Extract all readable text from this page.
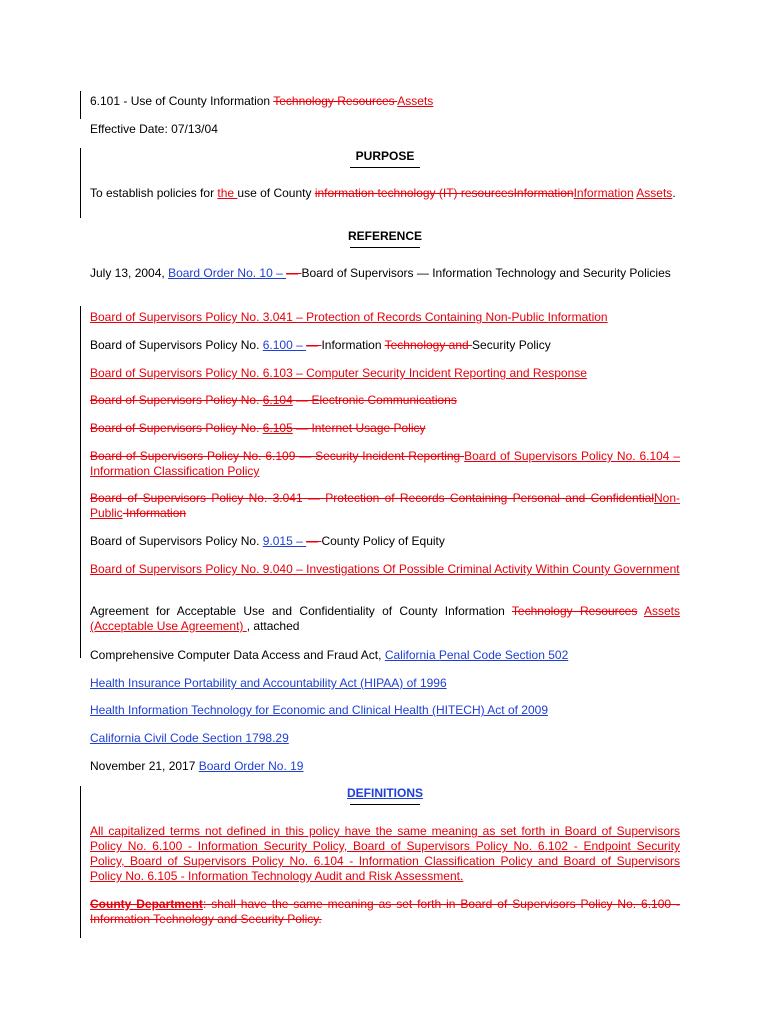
6.101 - Use of County Information Technology Resources Assets

Effective Date: 07/13/04

PURPOSE

To establish policies for the use of County information technology (IT) resourcesInformationInformation Assets.

REFERENCE

July 13, 2004, Board Order No. 10 – — Board of Supervisors — Information Technology and Security Policies

Board of Supervisors Policy No. 3.041 – Protection of Records Containing Non-Public Information

Board of Supervisors Policy No. 6.100 – — Information Technology and Security Policy

Board of Supervisors Policy No. 6.103 – Computer Security Incident Reporting and Response

Board of Supervisors Policy No. 6.104 — Electronic Communications

Board of Supervisors Policy No. 6.105 — Internet Usage Policy

Board of Supervisors Policy No. 6.109 — Security Incident Reporting Board of Supervisors Policy No. 6.104 – Information Classification Policy

Board of Supervisors Policy No. 3.041 — Protection of Records Containing Personal and ConfidentialNon-Public Information

Board of Supervisors Policy No. 9.015 – — County Policy of Equity

Board of Supervisors Policy No. 9.040 – Investigations Of Possible Criminal Activity Within County Government

Agreement for Acceptable Use and Confidentiality of County Information Technology Resources Assets (Acceptable Use Agreement) , attached

Comprehensive Computer Data Access and Fraud Act, California Penal Code Section 502

Health Insurance Portability and Accountability Act (HIPAA) of 1996

Health Information Technology for Economic and Clinical Health (HITECH) Act of 2009

California Civil Code Section 1798.29

November 21, 2017 Board Order No. 19

DEFINITIONS

All capitalized terms not defined in this policy have the same meaning as set forth in Board of Supervisors Policy No. 6.100 - Information Security Policy, Board of Supervisors Policy No. 6.102 - Endpoint Security Policy, Board of Supervisors Policy No. 6.104 - Information Classification Policy and Board of Supervisors Policy No. 6.105 - Information Technology Audit and Risk Assessment.

County Department: shall have the same meaning as set forth in Board of Supervisors Policy No. 6.100 - Information Technology and Security Policy.
